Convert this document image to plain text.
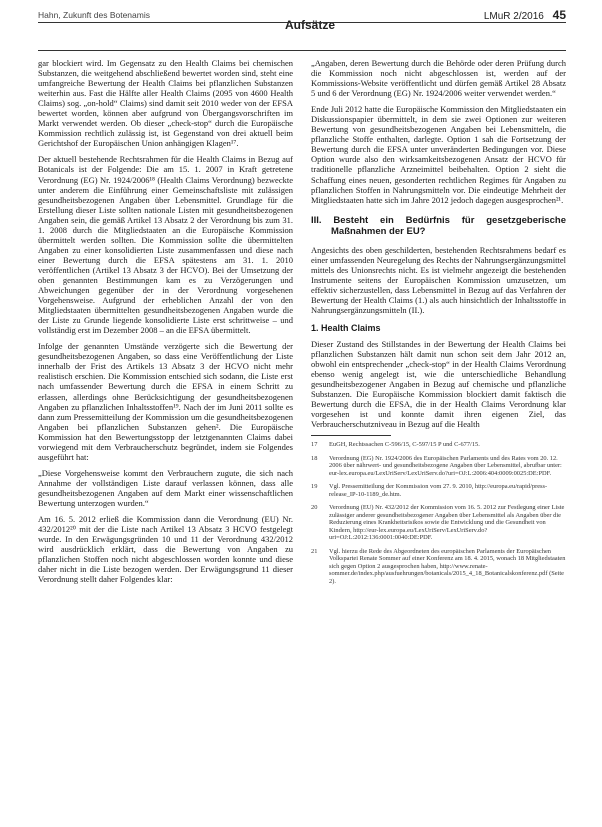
Hahn, Zukunft des Botenamis
Aufsätze
LMuR 2/2016 45

gar blockiert wird. Im Gegensatz zu den Health Claims bei chemischen Substanzen, die weitgehend abschließend bewertet worden sind, steht eine umfangreiche Bewertung der Health Claims bei pflanzlichen Substanzen weiterhin aus. Fast die Hälfte aller Health Claims (2095 von 4600 Health Claims) sog. „on-hold“ Claims) sind damit seit 2010 weder von der EFSA bewertet worden, können aber aufgrund von Übergangsvorschriften im Markt verwendet werden. Ob dieser „check-stop“ durch die Europäische Kommission rechtlich zulässig ist, ist Gegenstand von drei aktuell beim Gerichtshof der Europäischen Union anhängigen Klagen¹⁷.

Der aktuell bestehende Rechtsrahmen für die Health Claims in Bezug auf Botanicals ist der Folgende: Die am 15. 1. 2007 in Kraft getretene Verordnung (EG) Nr. 1924/2006¹⁸ (Health Claims Verordnung) bezweckte unter anderem die Einführung einer Gemeinschaftsliste mit zulässigen gesundheitsbezogenen Angaben über Lebensmittel. Grundlage für die Erstellung dieser Liste sollten nationale Listen mit gesundheitsbezogenen Angaben sein, die gemäß Artikel 13 Absatz 2 der Verordnung bis zum 31. 1. 2008 durch die Mitgliedstaaten an die Europäische Kommission übermittelt werden sollten. Die Kommission sollte die übermittelten Angaben zu einer konsolidierten Liste zusammenfassen und diese nach einer Bewertung durch die EFSA spätestens am 31. 1. 2010 veröffentlichen (Artikel 13 Absatz 3 der HCVO). Bei der Umsetzung der oben genannten Bestimmungen kam es zu Verzögerungen und Abweichungen gegenüber der in der Verordnung vorgesehenen Vorgehensweise. Aufgrund der erheblichen Anzahl der von den Mitgliedstaaten übermittelten gesundheitsbezogenen Angaben wurde die der Liste zu Grunde liegende konsolidierte Liste erst schrittweise – und vollständig erst im Dezember 2008 – an die EFSA übermittelt.

Infolge der genannten Umstände verzögerte sich die Bewertung der gesundheitsbezogenen Angaben, so dass eine Veröffentlichung der Liste innerhalb der Frist des Artikels 13 Absatz 3 der HCVO nicht mehr realistisch erschien. Die Kommission entschied sich sodann, die Liste erst nach umfassender Bewertung durch die EFSA in einem Schritt zu erlassen, allerdings ohne Berücksichtigung der gesundheitsbezogenen Angaben zu pflanzlichen Inhaltsstoffen¹⁹. Nach der im Juni 2011 sollte es dann zum Pressemitteilung der Kommission um die gesundheitsbezogenen Angaben bei pflanzlichen Substanzen gehen². Die Europäische Kommission hat den Bewertungsstopp der letztgenannten Claims dabei vorwiegend mit dem Verbraucherschutz begründet, indem sie Folgendes ausgeführt hat:

„Diese Vorgehensweise kommt den Verbrauchern zugute, die sich nach Annahme der vollständigen Liste darauf verlassen können, dass alle gesundheitsbezogenen Angaben auf dem Markt einer wissenschaftlichen Bewertung unterzogen wurden.“

Am 16. 5. 2012 erließ die Kommission dann die Verordnung (EU) Nr. 432/2012²⁰ mit der die Liste nach Artikel 13 Absatz 3 HCVO festgelegt wurde. In den Erwägungsgründen 10 und 11 der Verordnung 432/2012 wird ausdrücklich erklärt, dass die Bewertung von Angaben zu pflanzlichen Stoffen noch nicht abgeschlossen worden konnte und diese daher nicht in die Liste bezogen werden. Der Erwägungsgrund 11 dieser Verordnung stellt daher Folgendes klar:

„Angaben, deren Bewertung durch die Behörde oder deren Prüfung durch die Kommission noch nicht abgeschlossen ist, werden auf der Kommissions-Website veröffentlicht und dürfen gemäß Artikel 28 Absatz 5 und 6 der Verordnung (EG) Nr. 1924/2006 weiter verwendet werden.“

Ende Juli 2012 hatte die Europäische Kommission den Mitgliedstaaten ein Diskussionspapier übermittelt, in dem sie zwei Optionen zur weiteren Bewertung von gesundheitsbezogenen Angaben bei Lebensmitteln, die pflanzliche Stoffe enthalten, darlegte. Option 1 sah die Fortsetzung der Bewertung durch die EFSA unter unveränderten Bedingungen vor. Diese Option wurde also den wirksamkeitsbezogenen Ansatz der HCVO für traditionelle pflanzliche Arzneimittel beibehalten. Option 2 sieht die Schaffung eines neuen, gesonderten rechtlichen Regimes für Angaben zu pflanzlichen Stoffen in Nahrungsmitteln vor. Die eindeutige Mehrheit der Mitgliedstaaten hatte sich im Jahre 2012 jedoch dagegen ausgesprochen²¹.

III. Besteht ein Bedürfnis für gesetzgeberische Maßnahmen der EU?

Angesichts des oben geschilderten, bestehenden Rechtsrahmens bedarf es einer umfassenden Neuregelung des Rechts der Nahrungsergänzungsmittel mittels des Unionsrechts nicht. Es ist vielmehr angezeigt die bestehenden Instrumente seitens der Europäischen Kommission umzusetzen, um effektiv sicherzustellen, dass Lebensmittel in Bezug auf das Verfahren der Bewertung der Health Claims (1.) als auch hinsichtlich der Inhaltsstoffe in Nahrungsergänzungsmitteln (II.).

1. Health Claims

Dieser Zustand des Stillstandes in der Bewertung der Health Claims bei pflanzlichen Substanzen hält damit nun schon seit dem Jahr 2012 an, obwohl ein entsprechender „check-stop“ in der Health Claims Verordnung ebenso wenig angelegt ist, wie die unterschiedliche Behandlung gesundheitsbezogener Angaben in Bezug auf chemische und pflanzliche Substanzen. Die Europäische Kommission blockiert damit faktisch die Bewertung durch die EFSA, die in der Health Claims Verordnung klar vorgesehen ist und konnte damit ihren eigenen Ziel, das Verbraucherschutzniveau in Bezug auf die Health

17 EuGH, Rechtssachen C-596/15, C-597/15 P und C-677/15.

18 Verordnung (EG) Nr. 1924/2006 des Europäischen Parlaments und des Rates vom 20. 12. 2006 über nährwert- und gesundheitsbezogene Angaben über Lebensmittel, abrufbar unter: eur-lex.europa.eu/LexUriServ/LexUriServ.do?uri=OJ:L:2006:404:0009:0025:DE:PDF.

19 Vgl. Pressemitteilung der Kommission vom 27. 9. 2010, http://europa.eu/rapid/press-release_IP-10-1189_de.htm.

20 Verordnung (EU) Nr. 432/2012 der Kommission vom 16. 5. 2012 zur Festlegung einer Liste zulässiger anderer gesundheitsbezogener Angaben über Lebensmittel als Angaben über die Reduzierung eines Krankheitsrisikos sowie die Entwicklung und die Gesundheit von Kindern, http://eur-lex.europa.eu/LexUriServ/LexUriServ.do?uri=OJ:L:2012:136:0001:0040:DE:PDF.

21 Vgl. hierzu die Rede des Abgeordneten des europäischen Parlaments der Europäischen Volkspartei Renate Sommer auf einer Konferenz am 18. 4. 2015, wonach 18 Mitgliedstaaten sich gegen Option 2 ausgesprochen haben, http://www.renate-sommer.de/index.php/ausfuehrungen/botanicals/2015_4_18_Botanicalskonferenz.pdf (Seite 2).
